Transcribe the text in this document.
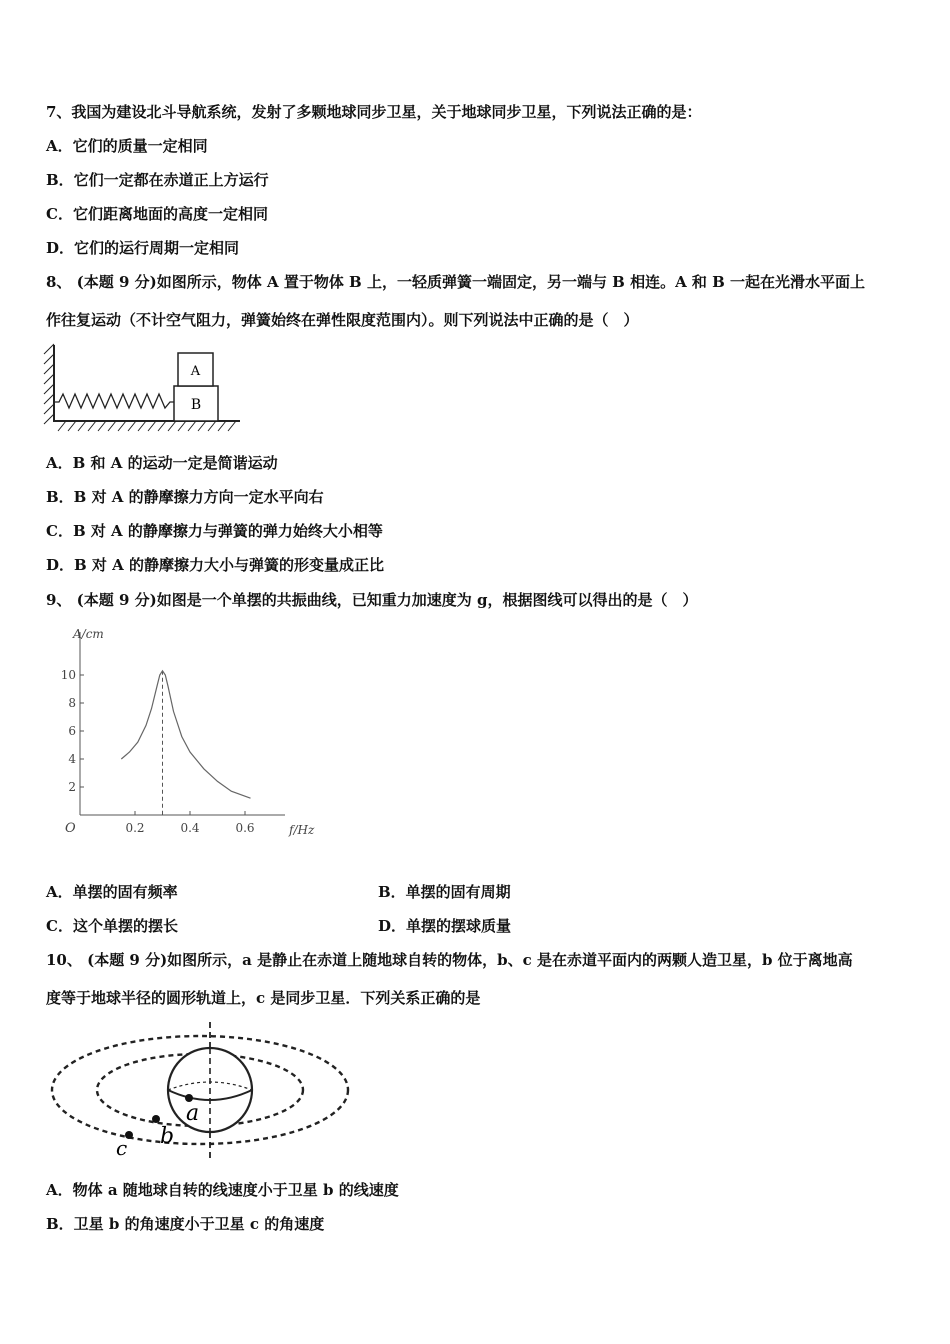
7、我国为建设北斗导航系统，发射了多颗地球同步卫星，关于地球同步卫星，下列说法正确的是：
A．它们的质量一定相同
B．它们一定都在赤道正上方运行
C．它们距离地面的高度一定相同
D．它们的运行周期一定相同
8、 (本题 9 分)如图所示，物体 A 置于物体 B 上，一轻质弹簧一端固定，另一端与 B 相连。A 和 B 一起在光滑水平面上
作往复运动（不计空气阻力，弹簧始终在弹性限度范围内）。则下列说法中正确的是（　）
B
A
A．B 和 A 的运动一定是简谐运动
B．B 对 A 的静摩擦力方向一定水平向右
C．B 对 A 的静摩擦力与弹簧的弹力始终大小相等
D．B 对 A 的静摩擦力大小与弹簧的形变量成正比
9、 (本题 9 分)如图是一个单摆的共振曲线，已知重力加速度为 g，根据图线可以得出的是（　）
A/cm
f/Hz
O	0.2	0.4	0.6
2
4
6
8
10
A．单摆的固有频率	B．单摆的固有周期
C．这个单摆的摆长	D．单摆的摆球质量
10、 (本题 9 分)如图所示，a 是静止在赤道上随地球自转的物体，b、c 是在赤道平面内的两颗人造卫星，b 位于离地高
度等于地球半径的圆形轨道上，c 是同步卫星．下列关系正确的是
a
b
c
A．物体 a 随地球自转的线速度小于卫星 b 的线速度
B．卫星 b 的角速度小于卫星 c 的角速度
